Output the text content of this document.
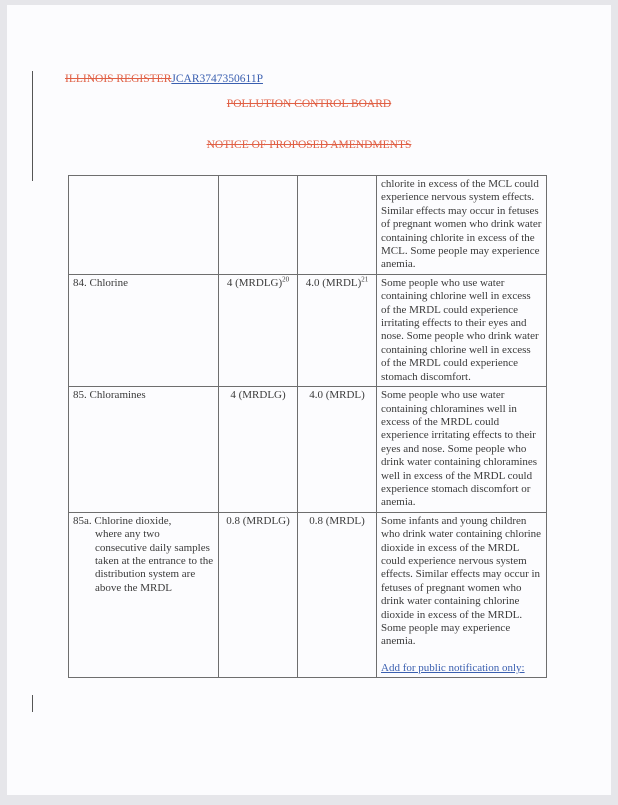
ILLINOIS REGISTERJCAR3747350611P
POLLUTION CONTROL BOARD
NOTICE OF PROPOSED AMENDMENTS
			chlorite in excess of the MCL could experience nervous system effects. Similar effects may occur in fetuses of pregnant women who drink water containing chlorite in excess of the MCL. Some people may experience anemia.
84. Chlorine	4 (MRDLG)$^{20}$	4.0 (MRDL)$^{21}$	Some people who use water containing chlorine well in excess of the MRDL could experience irritating effects to their eyes and nose. Some people who drink water containing chlorine well in excess of the MRDL could experience stomach discomfort.
85. Chloramines	4 (MRDLG)	4.0 (MRDL)	Some people who use water containing chloramines well in excess of the MRDL could experience irritating effects to their eyes and nose. Some people who drink water containing chloramines well in excess of the MRDL could experience stomach discomfort or anemia.
85a. Chlorine dioxide,
where any two consecutive daily samples taken at the entrance to the distribution system are above the MRDL	0.8 (MRDLG)	0.8 (MRDL)	Some infants and young children who drink water containing chlorine dioxide in excess of the MRDL could experience nervous system effects. Similar effects may occur in fetuses of pregnant women who drink water containing chlorine dioxide in excess of the MRDL. Some people may experience anemia.
Add for public notification only:
